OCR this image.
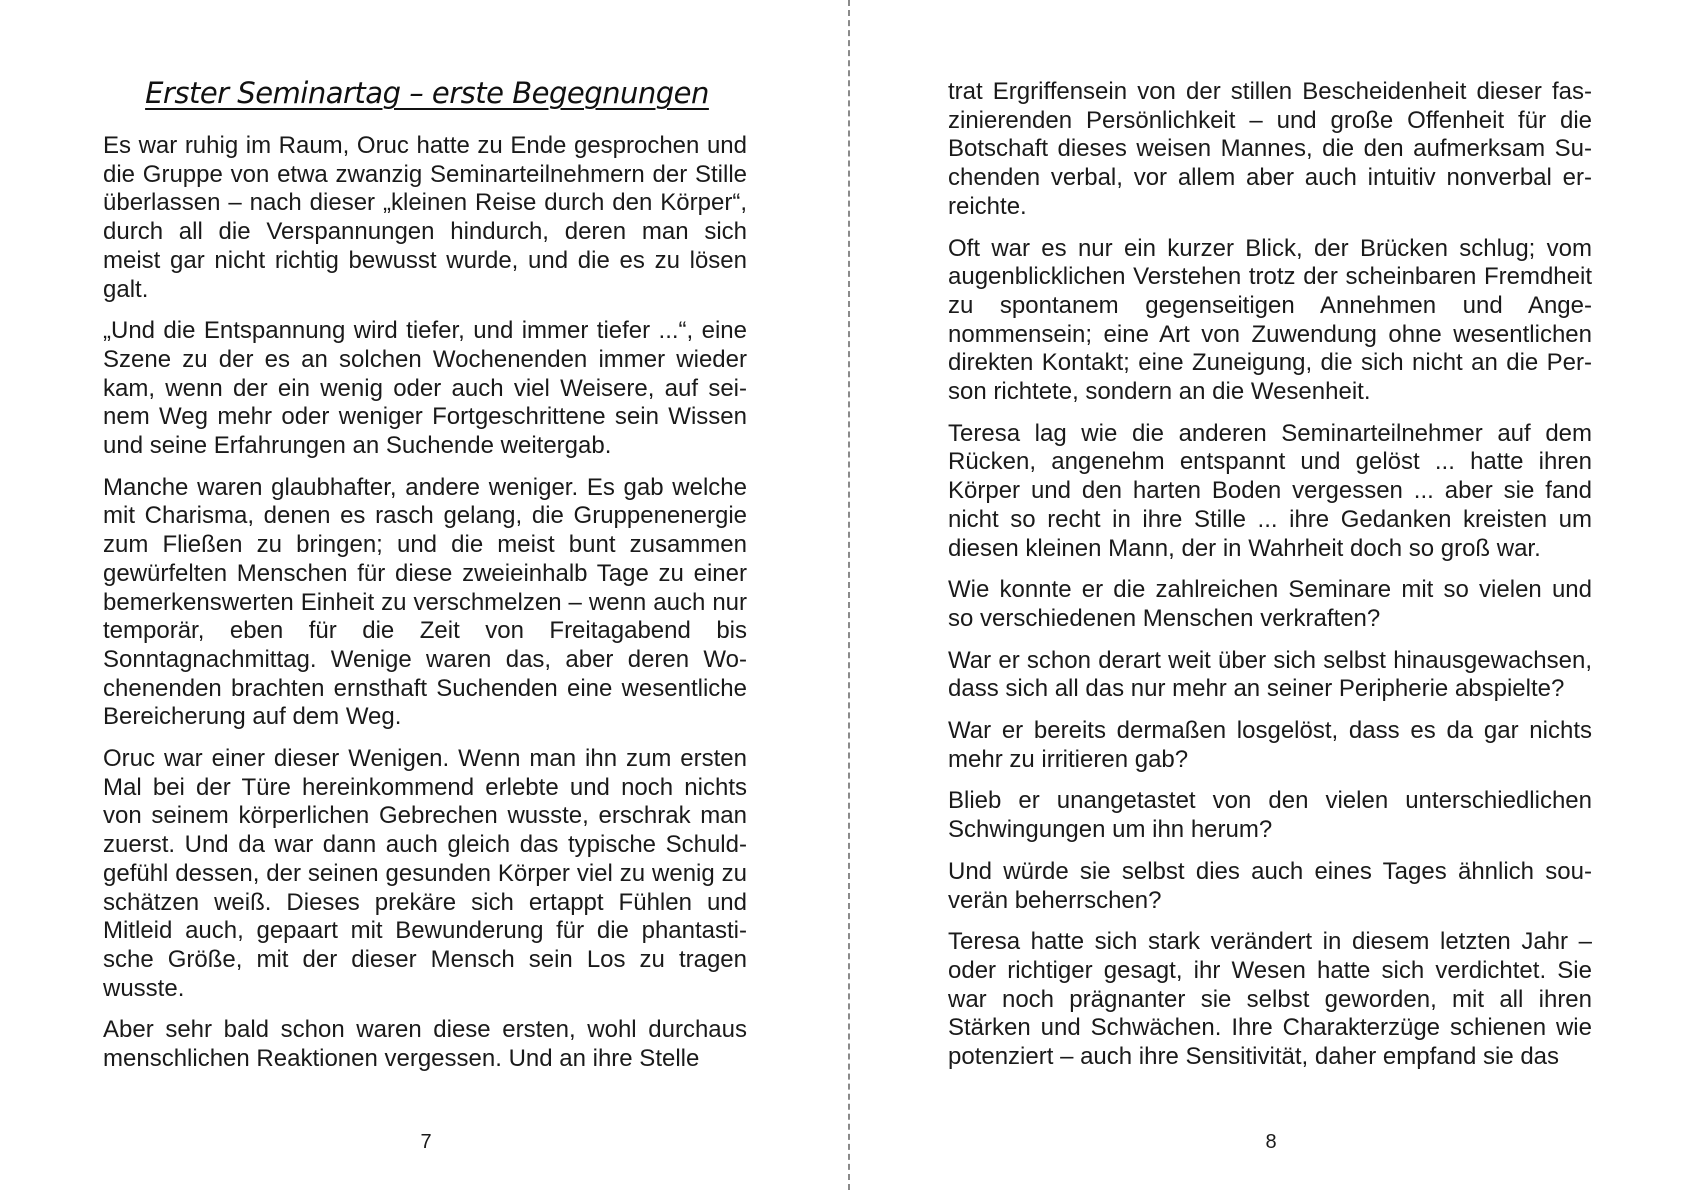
Erster Seminartag – erste Begegnungen

Es war ruhig im Raum, Oruc hatte zu Ende gesprochen und die Gruppe von etwa zwanzig Seminarteilnehmern der Stille überlassen – nach dieser „kleinen Reise durch den Körper“, durch all die Verspannungen hindurch, deren man sich meist gar nicht richtig bewusst wurde, und die es zu lösen galt.

„Und die Entspannung wird tiefer, und immer tiefer ...“, eine Szene zu der es an solchen Wochenenden immer wieder kam, wenn der ein wenig oder auch viel Weisere, auf seinem Weg mehr oder weniger Fortgeschrittene sein Wissen und seine Erfahrungen an Suchende weitergab.

Manche waren glaubhafter, andere weniger. Es gab welche mit Charisma, denen es rasch gelang, die Gruppenenergie zum Fließen zu bringen; und die meist bunt zusammen gewürfelten Menschen für diese zweieinhalb Tage zu einer bemerkenswerten Einheit zu verschmelzen – wenn auch nur temporär, eben für die Zeit von Freitagabend bis Sonntagnachmittag. Wenige waren das, aber deren Wochenenden brachten ernsthaft Suchenden eine wesentliche Bereicherung auf dem Weg.

Oruc war einer dieser Wenigen. Wenn man ihn zum ersten Mal bei der Türe hereinkommend erlebte und noch nichts von seinem körperlichen Gebrechen wusste, erschrak man zuerst. Und da war dann auch gleich das typische Schuldgefühl dessen, der seinen gesunden Körper viel zu wenig zu schätzen weiß. Dieses prekäre sich ertappt Fühlen und Mitleid auch, gepaart mit Bewunderung für die phantastische Größe, mit der dieser Mensch sein Los zu tragen wusste.

Aber sehr bald schon waren diese ersten, wohl durchaus menschlichen Reaktionen vergessen. Und an ihre Stelle

7

trat Ergriffensein von der stillen Bescheidenheit dieser faszinierenden Persönlichkeit – und große Offenheit für die Botschaft dieses weisen Mannes, die den aufmerksam Suchenden verbal, vor allem aber auch intuitiv nonverbal erreichte.

Oft war es nur ein kurzer Blick, der Brücken schlug; vom augenblicklichen Verstehen trotz der scheinbaren Fremdheit zu spontanem gegenseitigen Annehmen und Angenommensein; eine Art von Zuwendung ohne wesentlichen direkten Kontakt; eine Zuneigung, die sich nicht an die Person richtete, sondern an die Wesenheit.

Teresa lag wie die anderen Seminarteilnehmer auf dem Rücken, angenehm entspannt und gelöst ... hatte ihren Körper und den harten Boden vergessen ... aber sie fand nicht so recht in ihre Stille ... ihre Gedanken kreisten um diesen kleinen Mann, der in Wahrheit doch so groß war.

Wie konnte er die zahlreichen Seminare mit so vielen und so verschiedenen Menschen verkraften?

War er schon derart weit über sich selbst hinausgewachsen, dass sich all das nur mehr an seiner Peripherie abspielte?

War er bereits dermaßen losgelöst, dass es da gar nichts mehr zu irritieren gab?

Blieb er unangetastet von den vielen unterschiedlichen Schwingungen um ihn herum?

Und würde sie selbst dies auch eines Tages ähnlich souverän beherrschen?

Teresa hatte sich stark verändert in diesem letzten Jahr – oder richtiger gesagt, ihr Wesen hatte sich verdichtet. Sie war noch prägnanter sie selbst geworden, mit all ihren Stärken und Schwächen. Ihre Charakterzüge schienen wie potenziert – auch ihre Sensitivität, daher empfand sie das

8
